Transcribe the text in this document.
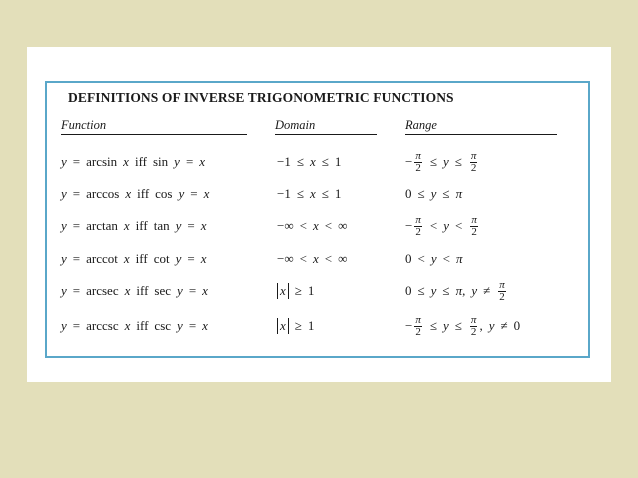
DEFINITIONS OF INVERSE TRIGONOMETRIC FUNCTIONS
Function	Domain	Range
y = arcsin x iff sin y = x	−1 ≤ x ≤ 1	− $\frac{\pi}{2} \le y \le \frac{\pi}{2}$
y = arccos x iff cos y = x	−1 ≤ x ≤ 1	0 ≤ y ≤ π
y = arctan x iff tan y = x	−∞ < x < ∞	− $\frac{\pi}{2} < y < \frac{\pi}{2}$
y = arccot x iff cot y = x	−∞ < x < ∞	0 < y < π
y = arcsec x iff sec y = x	x ≥ 1	0 ≤ y ≤ π , $y \ne \frac{\pi}{2}$
y = arccsc x iff csc y = x	x ≥ 1	− $\frac{\pi}{2} \le y \le \frac{\pi}{2}$ , y ≠ 0
